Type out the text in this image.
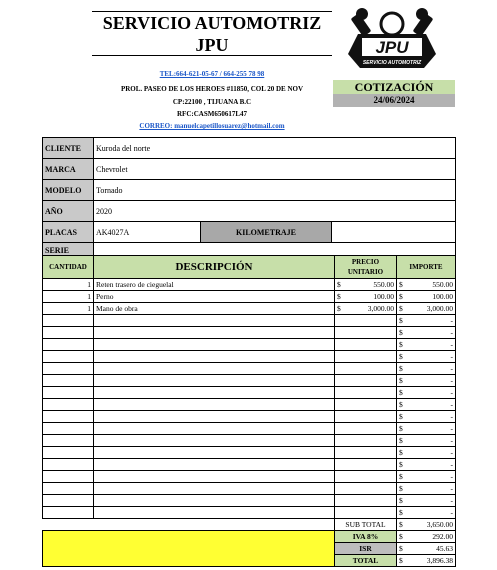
SERVICIO AUTOMOTRIZ
JPU
TEL:664-621-05-67 / 664-255 78 98
PROL. PASEO DE LOS HEROES #11850, COL 20 DE NOV
CP:22100 , TIJUANA B.C
RFC:CASM650617L47
CORREO: manuelcapetillosuarez@hotmail.com
JPU
SERVICIO AUTOMOTRIZ
COTIZACIÓN
24/06/2024
CLIENTE	Kuroda del norte		
MARCA	Chevrolet		
MODELO	Tornado		
AÑO	2020		
PLACAS	AK4027A	KILOMETRAJE	
SERIE			
CANTIDAD	DESCRIPCIÓN	PRECIO UNITARIO	IMPORTE
1	Reten trasero de cieguelal	$ 550.00	$ 550.00

1	Perno	$ 100.00	$ 100.00

1	Mano de obra	$ 3,000.00	$ 3,000.00

			$ -

			$ -

			$ -

			$ -

			$ -

			$ -

			$ -

			$ -

			$ -

			$ -

			$ -

			$ -

			$ -

			$ -

			$ -

			$ -

			$ -

		SUB TOTAL	$ 3,650.00

		IVA 8%	$ 292.00

		ISR	$ 45.63

		TOTAL	$ 3,896.38
